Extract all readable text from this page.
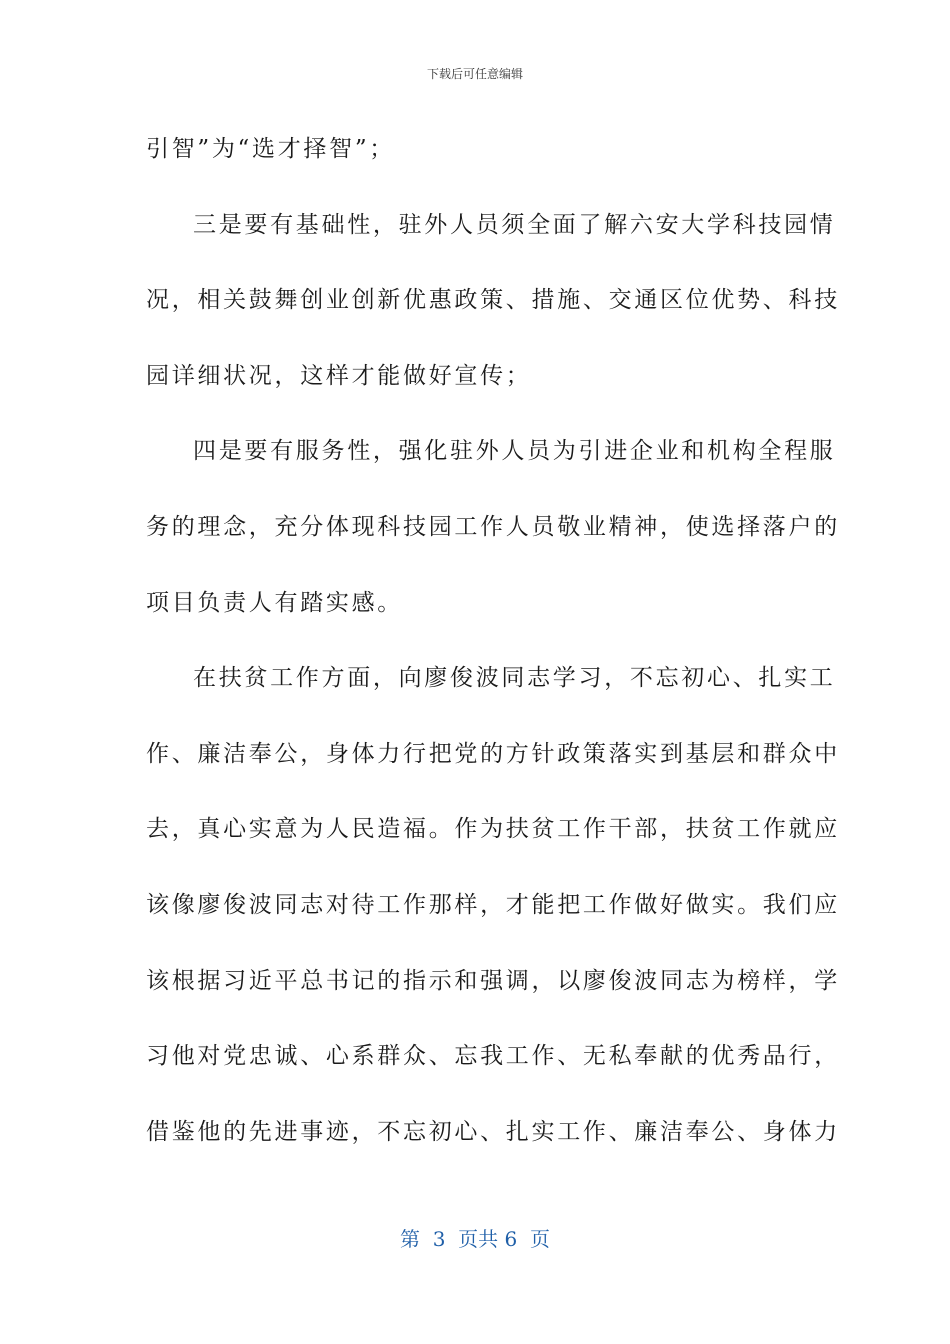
下载后可任意编辑
引智”为“选才择智”；
三是要有基础性，驻外人员须全面了解六安大学科技园情
况，相关鼓舞创业创新优惠政策、措施、交通区位优势、科技
园详细状况，这样才能做好宣传；
四是要有服务性，强化驻外人员为引进企业和机构全程服
务的理念，充分体现科技园工作人员敬业精神，使选择落户的
项目负责人有踏实感。
在扶贫工作方面，向廖俊波同志学习，不忘初心、扎实工
作、廉洁奉公，身体力行把党的方针政策落实到基层和群众中
去，真心实意为人民造福。作为扶贫工作干部，扶贫工作就应
该像廖俊波同志对待工作那样，才能把工作做好做实。我们应
该根据习近平总书记的指示和强调，以廖俊波同志为榜样，学
习他对党忠诚、心系群众、忘我工作、无私奉献的优秀品行，
借鉴他的先进事迹，不忘初心、扎实工作、廉洁奉公、身体力
第 3 页共 6 页
